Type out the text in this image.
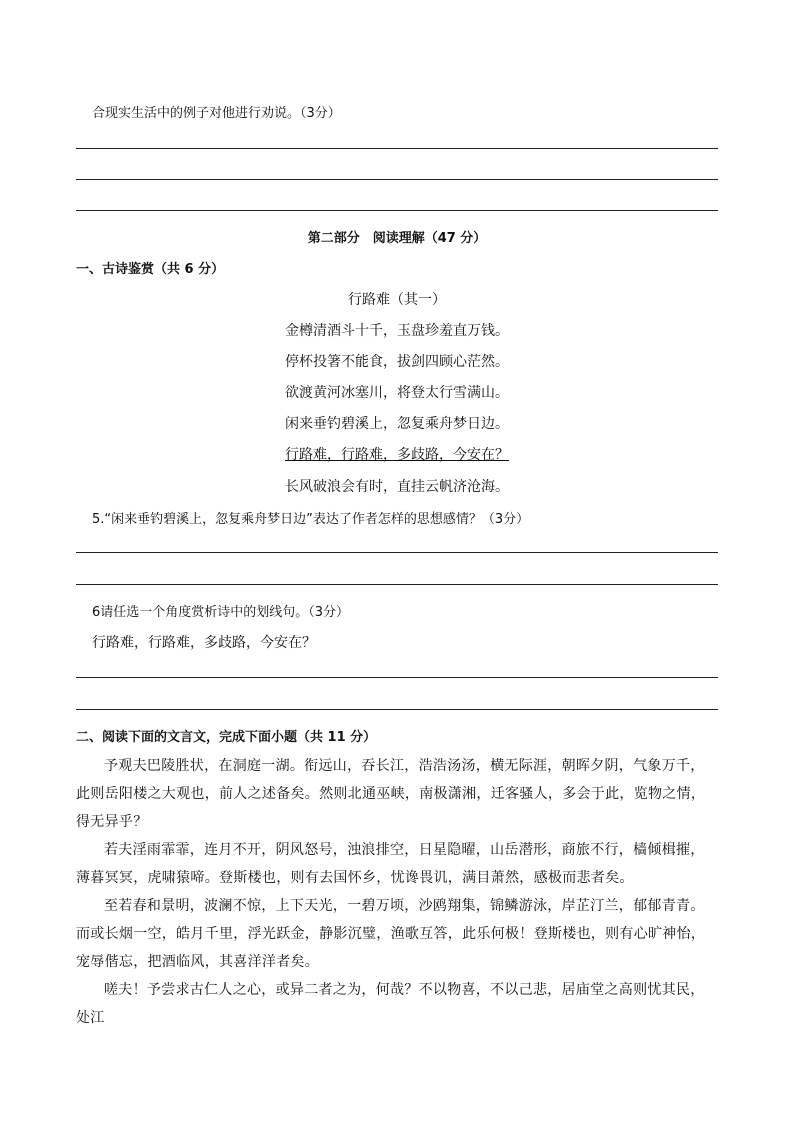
合现实生活中的例子对他进行劝说。（3分）
第二部分　阅读理解（47 分）
一、古诗鉴赏（共 6 分）
行路难（其一）
金樽清酒斗十千，玉盘珍羞直万钱。
停杯投箸不能食，拔剑四顾心茫然。
欲渡黄河冰塞川，将登太行雪满山。
闲来垂钓碧溪上，忽复乘舟梦日边。
行路难，行路难，多歧路，今安在？
长风破浪会有时，直挂云帆济沧海。
5.“闲来垂钓碧溪上，忽复乘舟梦日边”表达了作者怎样的思想感情？（3分）
6请任选一个角度赏析诗中的划线句。（3分）
行路难，行路难，多歧路，今安在？
二、阅读下面的文言文，完成下面小题（共 11 分）

予观夫巴陵胜状，在洞庭一湖。衔远山，吞长江，浩浩汤汤，横无际涯，朝晖夕阴，气象万千，此则岳阳楼之大观也，前人之述备矣。然则北通巫峡，南极潇湘，迁客骚人，多会于此，览物之情，得无异乎？

若夫淫雨霏霏，连月不开，阴风怒号，浊浪排空，日星隐曜，山岳潜形，商旅不行，樯倾楫摧，薄暮冥冥，虎啸猿啼。登斯楼也，则有去国怀乡，忧谗畏讥，满目萧然，感极而悲者矣。

至若春和景明，波澜不惊，上下天光，一碧万顷，沙鸥翔集，锦鳞游泳，岸芷汀兰，郁郁青青。而或长烟一空，皓月千里，浮光跃金，静影沉璧，渔歌互答，此乐何极！登斯楼也，则有心旷神怡，宠辱偕忘，把酒临风，其喜洋洋者矣。

嗟夫！予尝求古仁人之心，或异二者之为，何哉？不以物喜，不以己悲，居庙堂之高则忧其民，处江
